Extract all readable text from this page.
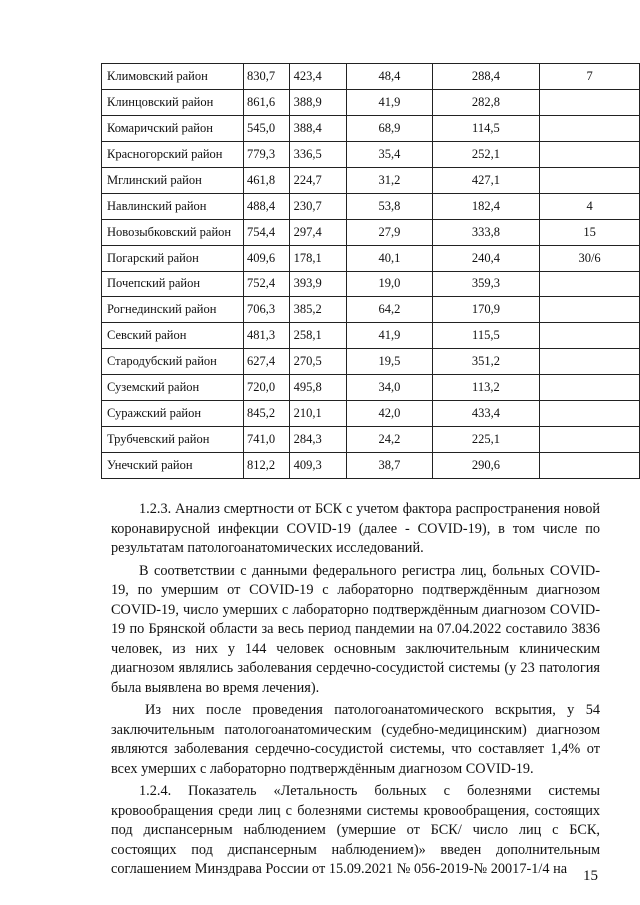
Климовский район	830,7	423,4	48,4	288,4	7
Клинцовский район	861,6	388,9	41,9	282,8	
Комаричский район	545,0	388,4	68,9	114,5	
Красногорский район	779,3	336,5	35,4	252,1	
Мглинский район	461,8	224,7	31,2	427,1	
Навлинский район	488,4	230,7	53,8	182,4	4
Новозыбковский район	754,4	297,4	27,9	333,8	15
Погарский район	409,6	178,1	40,1	240,4	30/6
Почепский район	752,4	393,9	19,0	359,3	
Рогнединский район	706,3	385,2	64,2	170,9	
Севский район	481,3	258,1	41,9	115,5	
Стародубский район	627,4	270,5	19,5	351,2	
Суземский район	720,0	495,8	34,0	113,2	
Суражский район	845,2	210,1	42,0	433,4	
Трубчевский район	741,0	284,3	24,2	225,1	
Унечский район	812,2	409,3	38,7	290,6	

1.2.3. Анализ смертности от БСК с учетом фактора распространения новой коронавирусной инфекции COVID-19 (далее - COVID-19), в том числе по результатам патологоанатомических исследований.

В соответствии с данными федерального регистра лиц, больных COVID-19, по умершим от COVID-19 с лабораторно подтверждённым диагнозом COVID-19, число умерших с лабораторно подтверждённым диагнозом COVID-19 по Брянской области за весь период пандемии на 07.04.2022 составило 3836 человек, из них у 144 человек основным заключительным клиническим диагнозом являлись заболевания сердечно-сосудистой системы (у 23 патология была выявлена во время лечения).

Из них после проведения патологоанатомического вскрытия, у 54 заключительным патологоанатомическим (судебно-медицинским) диагнозом являются заболевания сердечно-сосудистой системы, что составляет 1,4% от всех умерших с лабораторно подтверждённым диагнозом COVID-19.

1.2.4. Показатель «Летальность больных с болезнями системы кровообращения среди лиц с болезнями системы кровообращения, состоящих под диспансерным наблюдением (умершие от БСК/ число лиц с БСК, состоящих под диспансерным наблюдением)» введен дополнительным соглашением Минздрава России от 15.09.2021 № 056-2019-№ 20017-1/4 на	15
